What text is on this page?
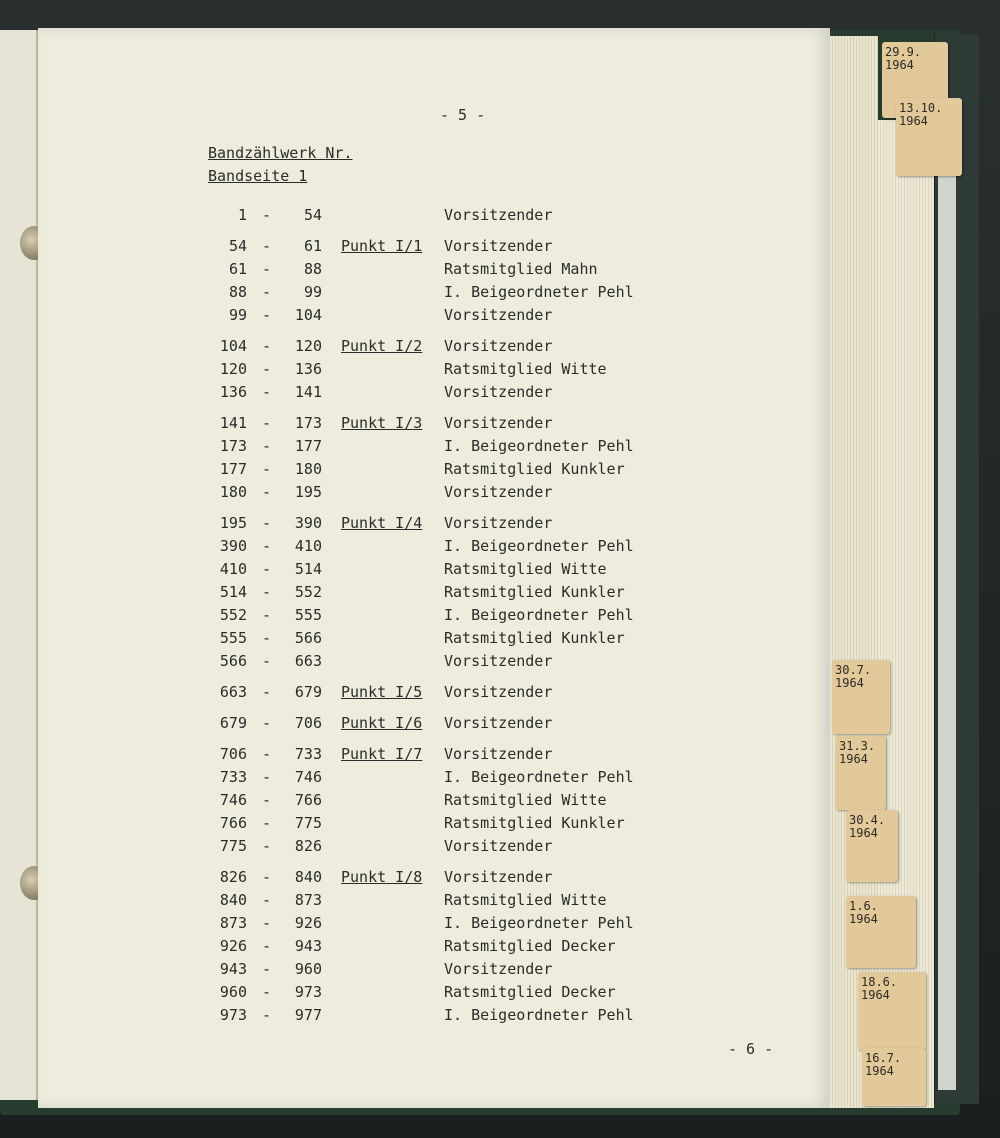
- 5 -
Bandzählwerk Nr.
Bandseite 1
1 -	54	Vorsitzender
54 -	61 Punkt I/1 Vorsitzender
61 -	88	Ratsmitglied Mahn
88 -	99	I. Beigeordneter Pehl
99 -	104	Vorsitzender
104 -	120 Punkt I/2 Vorsitzender
120 -	136	Ratsmitglied Witte
136 -	141	Vorsitzender
141 -	173 Punkt I/3 Vorsitzender
173 -	177	I. Beigeordneter Pehl
177 -	180	Ratsmitglied Kunkler
180 -	195	Vorsitzender
195 -	390 Punkt I/4 Vorsitzender
390 -	410	I. Beigeordneter Pehl
410 -	514	Ratsmitglied Witte
514 -	552	Ratsmitglied Kunkler
552 -	555	I. Beigeordneter Pehl
555 -	566	Ratsmitglied Kunkler
566 -	663	Vorsitzender
663 -	679 Punkt I/5 Vorsitzender
679 -	706 Punkt I/6 Vorsitzender
706 -	733 Punkt I/7 Vorsitzender
733 -	746	I. Beigeordneter Pehl
746 -	766	Ratsmitglied Witte
766 -	775	Ratsmitglied Kunkler
775 -	826	Vorsitzender
826 -	840 Punkt I/8 Vorsitzender
840 -	873	Ratsmitglied Witte
873 -	926	I. Beigeordneter Pehl
926 -	943	Ratsmitglied Decker
943 -	960	Vorsitzender
960 -	973	Ratsmitglied Decker
973 -	977	I. Beigeordneter Pehl
- 6 -
29.9.
1964
13.10.
1964
30.7.
1964
31.3.
1964
30.4.
1964
1.6.
1964
18.6.
1964
16.7.
1964
